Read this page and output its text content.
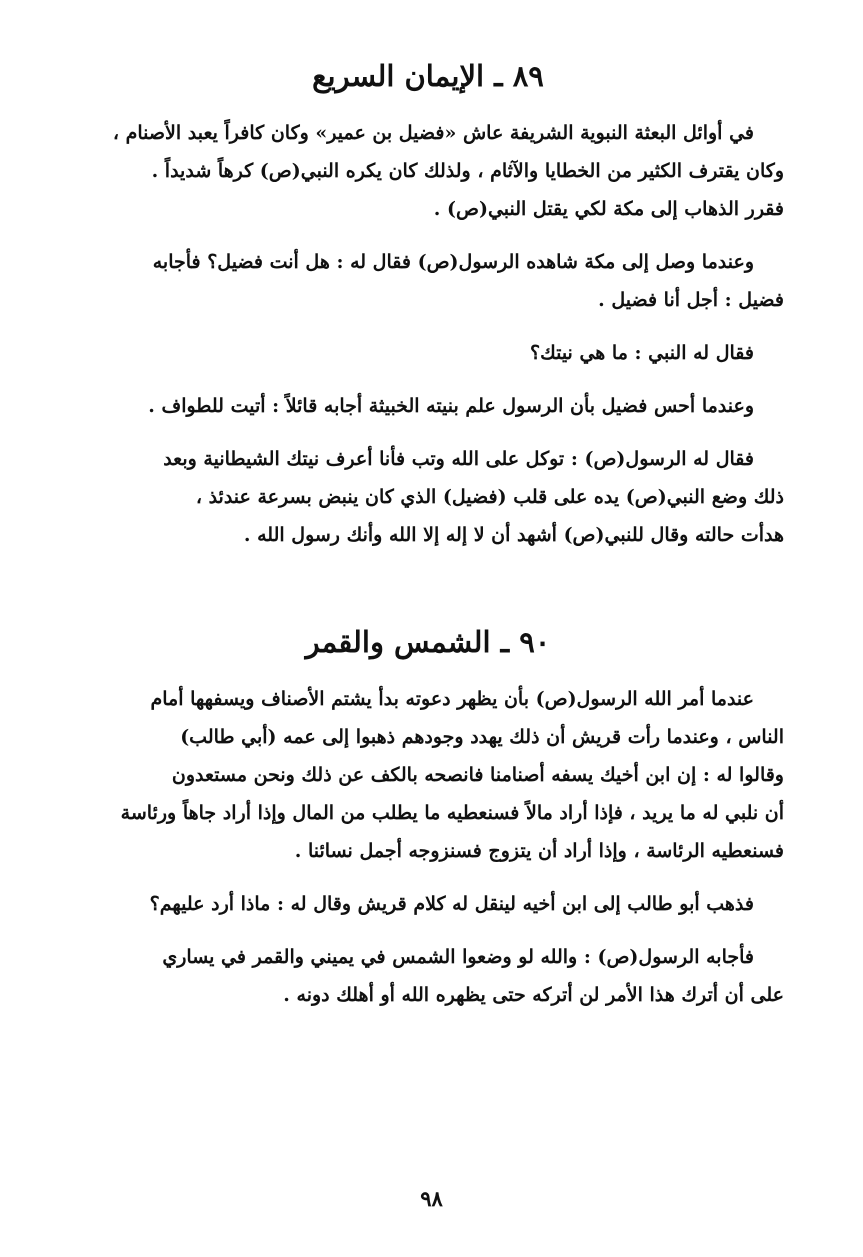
٨٩ ـ الإيمان السريع

في أوائل البعثة النبوية الشريفة عاش «فضيل بن عمير» وكان كافراً يعبد الأصنام ،
وكان يقترف الكثير من الخطايا والآثام ، ولذلك كان يكره النبي(ص) كرهاً شديداً .
فقرر الذهاب إلى مكة لكي يقتل النبي(ص) .

وعندما وصل إلى مكة شاهده الرسول(ص) فقال له : هل أنت فضيل؟ فأجابه
فضيل : أجل أنا فضيل .

فقال له النبي : ما هي نيتك؟

وعندما أحس فضيل بأن الرسول علم بنيته الخبيثة أجابه قائلاً : أتيت للطواف .

فقال له الرسول(ص) : توكل على الله وتب فأنا أعرف نيتك الشيطانية وبعد
ذلك وضع النبي(ص) يده على قلب (فضيل) الذي كان ينبض بسرعة عندئذ ،
هدأت حالته وقال للنبي(ص) أشهد أن لا إله إلا الله وأنك رسول الله .

٩٠ ـ الشمس والقمر

عندما أمر الله الرسول(ص) بأن يظهر دعوته بدأ يشتم الأصناف ويسفهها أمام
الناس ، وعندما رأت قريش أن ذلك يهدد وجودهم ذهبوا إلى عمه (أبي طالب)
وقالوا له : إن ابن أخيك يسفه أصنامنا فانصحه بالكف عن ذلك ونحن مستعدون
أن نلبي له ما يريد ، فإذا أراد مالاً فسنعطيه ما يطلب من المال وإذا أراد جاهاً ورئاسة
فسنعطيه الرئاسة ، وإذا أراد أن يتزوج فسنزوجه أجمل نسائنا .

فذهب أبو طالب إلى ابن أخيه لينقل له كلام قريش وقال له : ماذا أرد عليهم؟

فأجابه الرسول(ص) : والله لو وضعوا الشمس في يميني والقمر في يساري
على أن أترك هذا الأمر لن أتركه حتى يظهره الله أو أهلك دونه .

٩٨
